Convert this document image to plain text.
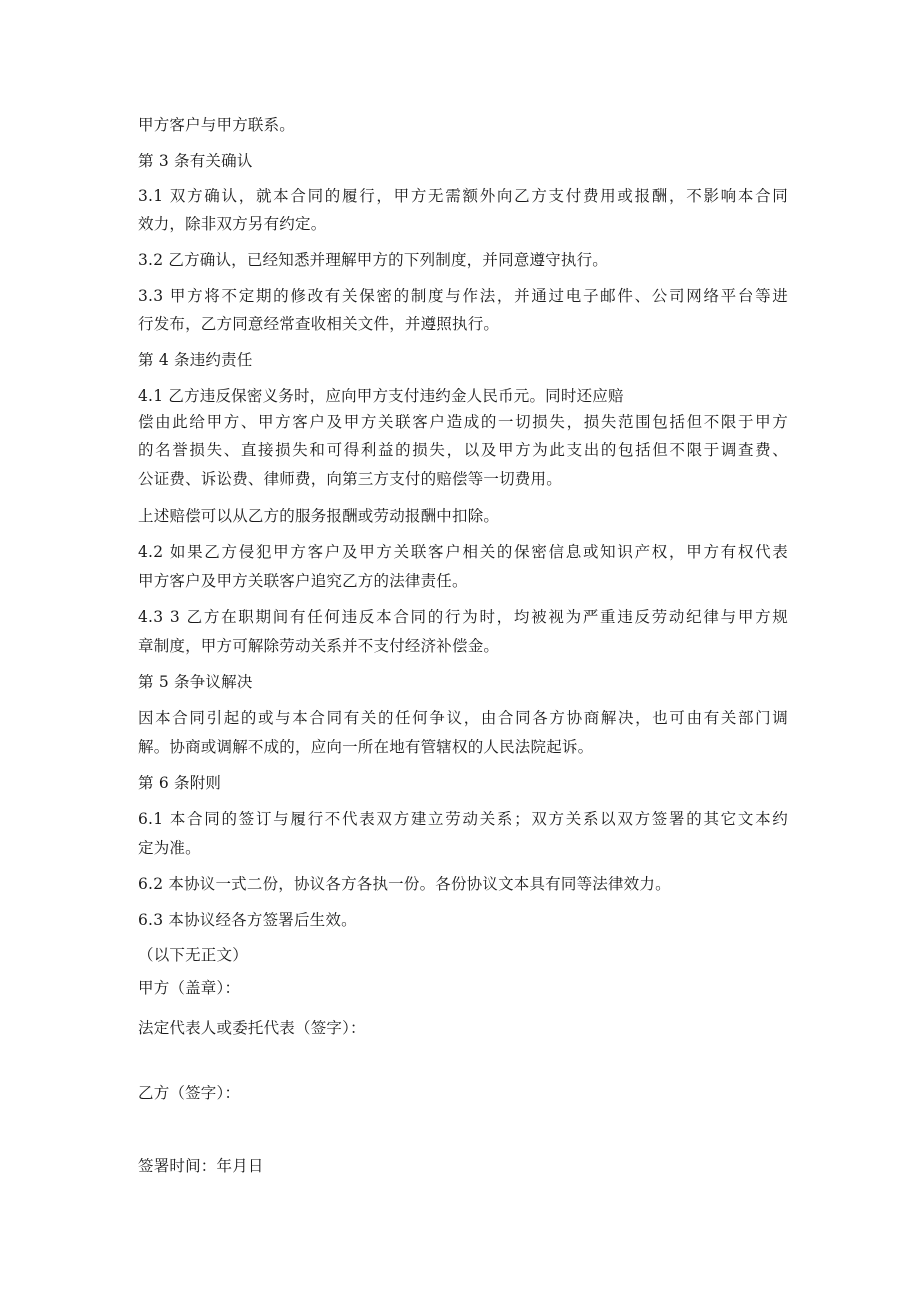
甲方客户与甲方联系。
第 3 条有关确认
3.1 双方确认，就本合同的履行，甲方无需额外向乙方支付费用或报酬，不影响本合同
效力，除非双方另有约定。
3.2 乙方确认，已经知悉并理解甲方的下列制度，并同意遵守执行。
3.3 甲方将不定期的修改有关保密的制度与作法，并通过电子邮件、公司网络平台等进
行发布，乙方同意经常查收相关文件，并遵照执行。
第 4 条违约责任
4.1 乙方违反保密义务时，应向甲方支付违约金人民币元。同时还应赔
偿由此给甲方、甲方客户及甲方关联客户造成的一切损失，损失范围包括但不限于甲方
的名誉损失、直接损失和可得利益的损失，以及甲方为此支出的包括但不限于调查费、
公证费、诉讼费、律师费，向第三方支付的赔偿等一切费用。
上述赔偿可以从乙方的服务报酬或劳动报酬中扣除。
4.2 如果乙方侵犯甲方客户及甲方关联客户相关的保密信息或知识产权，甲方有权代表
甲方客户及甲方关联客户追究乙方的法律责任。
4.3 3 乙方在职期间有任何违反本合同的行为时，均被视为严重违反劳动纪律与甲方规
章制度，甲方可解除劳动关系并不支付经济补偿金。
第 5 条争议解决
因本合同引起的或与本合同有关的任何争议，由合同各方协商解决，也可由有关部门调
解。协商或调解不成的，应向一所在地有管辖权的人民法院起诉。
第 6 条附则
6.1 本合同的签订与履行不代表双方建立劳动关系；双方关系以双方签署的其它文本约
定为准。
6.2 本协议一式二份，协议各方各执一份。各份协议文本具有同等法律效力。
6.3 本协议经各方签署后生效。
（以下无正文）
甲方（盖章）：
法定代表人或委托代表（签字）：
乙方（签字）：
签署时间：年月日
